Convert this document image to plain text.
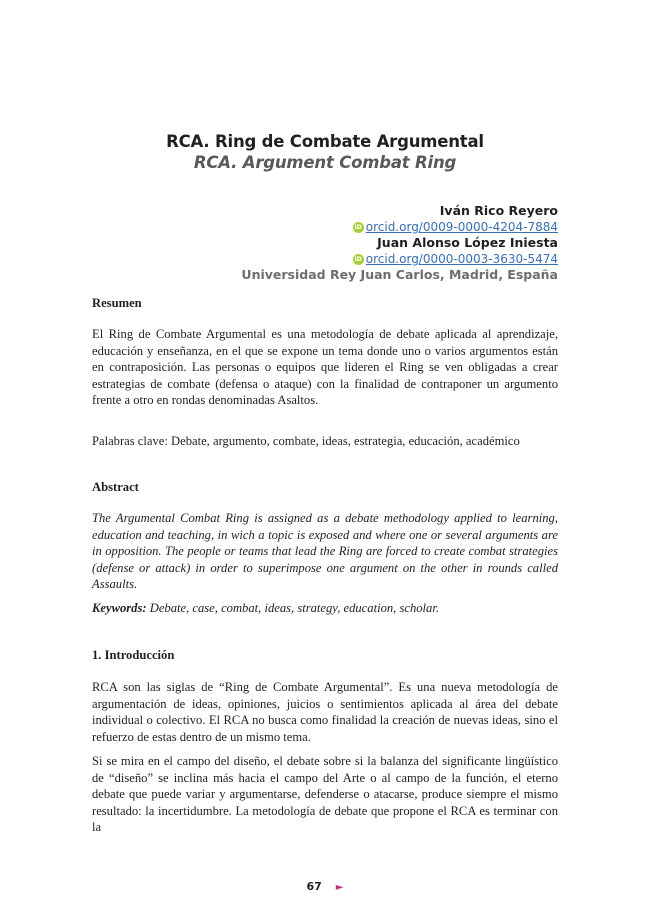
RCA. Ring de Combate Argumental
RCA. Argument Combat Ring
Iván Rico Reyero
iD orcid.org/0009-0000-4204-7884
Juan Alonso López Iniesta
iD orcid.org/0000-0003-3630-5474
Universidad Rey Juan Carlos, Madrid, España
Resumen
El Ring de Combate Argumental es una metodología de debate aplicada al aprendizaje, educación y enseñanza, en el que se expone un tema donde uno o varios argumentos están en contraposición. Las personas o equipos que lideren el Ring se ven obligadas a crear estrategias de combate (defensa o ataque) con la finalidad de contraponer un argumento frente a otro en rondas denominadas Asaltos.
Palabras clave: Debate, argumento, combate, ideas, estrategia, educación, académico
Abstract
The Argumental Combat Ring is assigned as a debate methodology applied to learning, education and teaching, in wich a topic is exposed and where one or several arguments are in opposition. The people or teams that lead the Ring are forced to create combat strategies (defense or attack) in order to superimpose one argument on the other in rounds called Assaults.
Keywords: Debate, case, combat, ideas, strategy, education, scholar.
1. Introducción
RCA son las siglas de “Ring de Combate Argumental”. Es una nueva metodología de argumentación de ideas, opiniones, juicios o sentimientos aplicada al área del debate individual o colectivo. El RCA no busca como finalidad la creación de nuevas ideas, sino el refuerzo de estas dentro de un mismo tema.
Si se mira en el campo del diseño, el debate sobre si la balanza del significante lingüístico de “diseño” se inclina más hacia el campo del Arte o al campo de la función, el eterno debate que puede variar y argumentarse, defenderse o atacarse, produce siempre el mismo resultado: la incertidumbre. La metodología de debate que propone el RCA es terminar con la
67 ►
